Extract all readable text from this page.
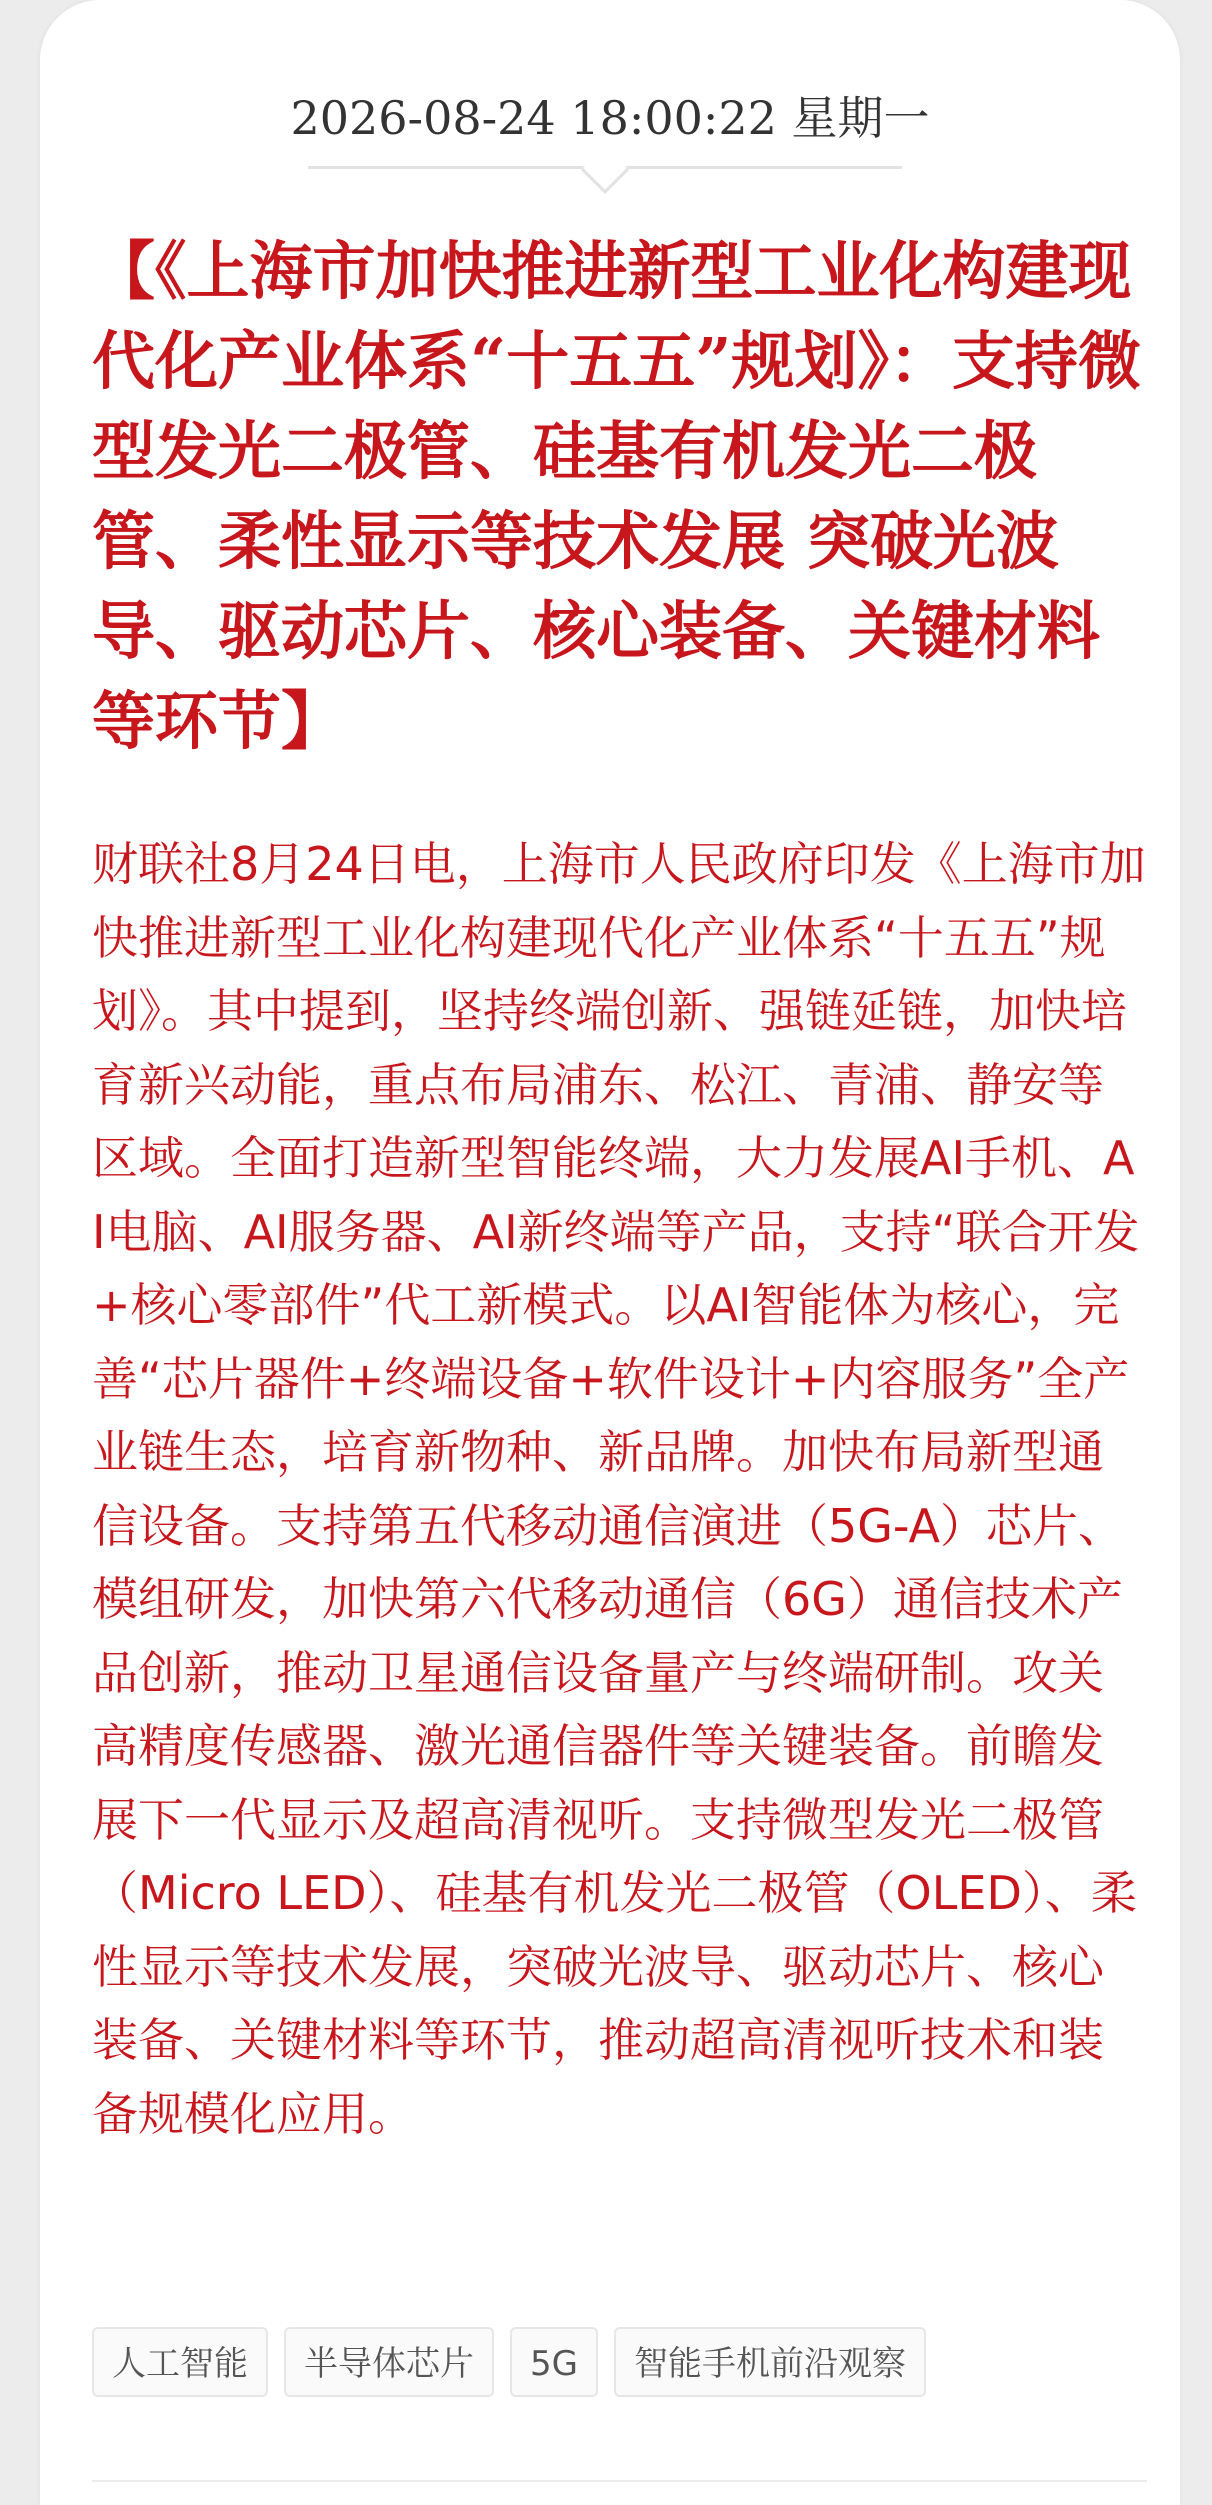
2026-08-24 18:00:22 星期一
【《上海市加快推进新型工业化构建现代化产业体系“十五五”规划》：支持微型发光二极管、硅基有机发光二极管、柔性显示等技术发展 突破光波导、驱动芯片、核心装备、关键材料等环节】
财联社8月24日电，上海市人民政府印发《上海市加快推进新型工业化构建现代化产业体系“十五五”规划》。其中提到，坚持终端创新、强链延链，加快培育新兴动能，重点布局浦东、松江、青浦、静安等区域。全面打造新型智能终端，大力发展AI手机、AI电脑、AI服务器、AI新终端等产品，支持“联合开发+核心零部件”代工新模式。以AI智能体为核心，完善“芯片器件+终端设备+软件设计+内容服务”全产业链生态，培育新物种、新品牌。加快布局新型通信设备。支持第五代移动通信演进（5G-A）芯片、模组研发，加快第六代移动通信（6G）通信技术产品创新，推动卫星通信设备量产与终端研制。攻关高精度传感器、激光通信器件等关键装备。前瞻发展下一代显示及超高清视听。支持微型发光二极管（Micro LED）、硅基有机发光二极管（OLED）、柔性显示等技术发展，突破光波导、驱动芯片、核心装备、关键材料等环节，推动超高清视听技术和装备规模化应用。
人工智能	半导体芯片	5G	智能手机前沿观察
